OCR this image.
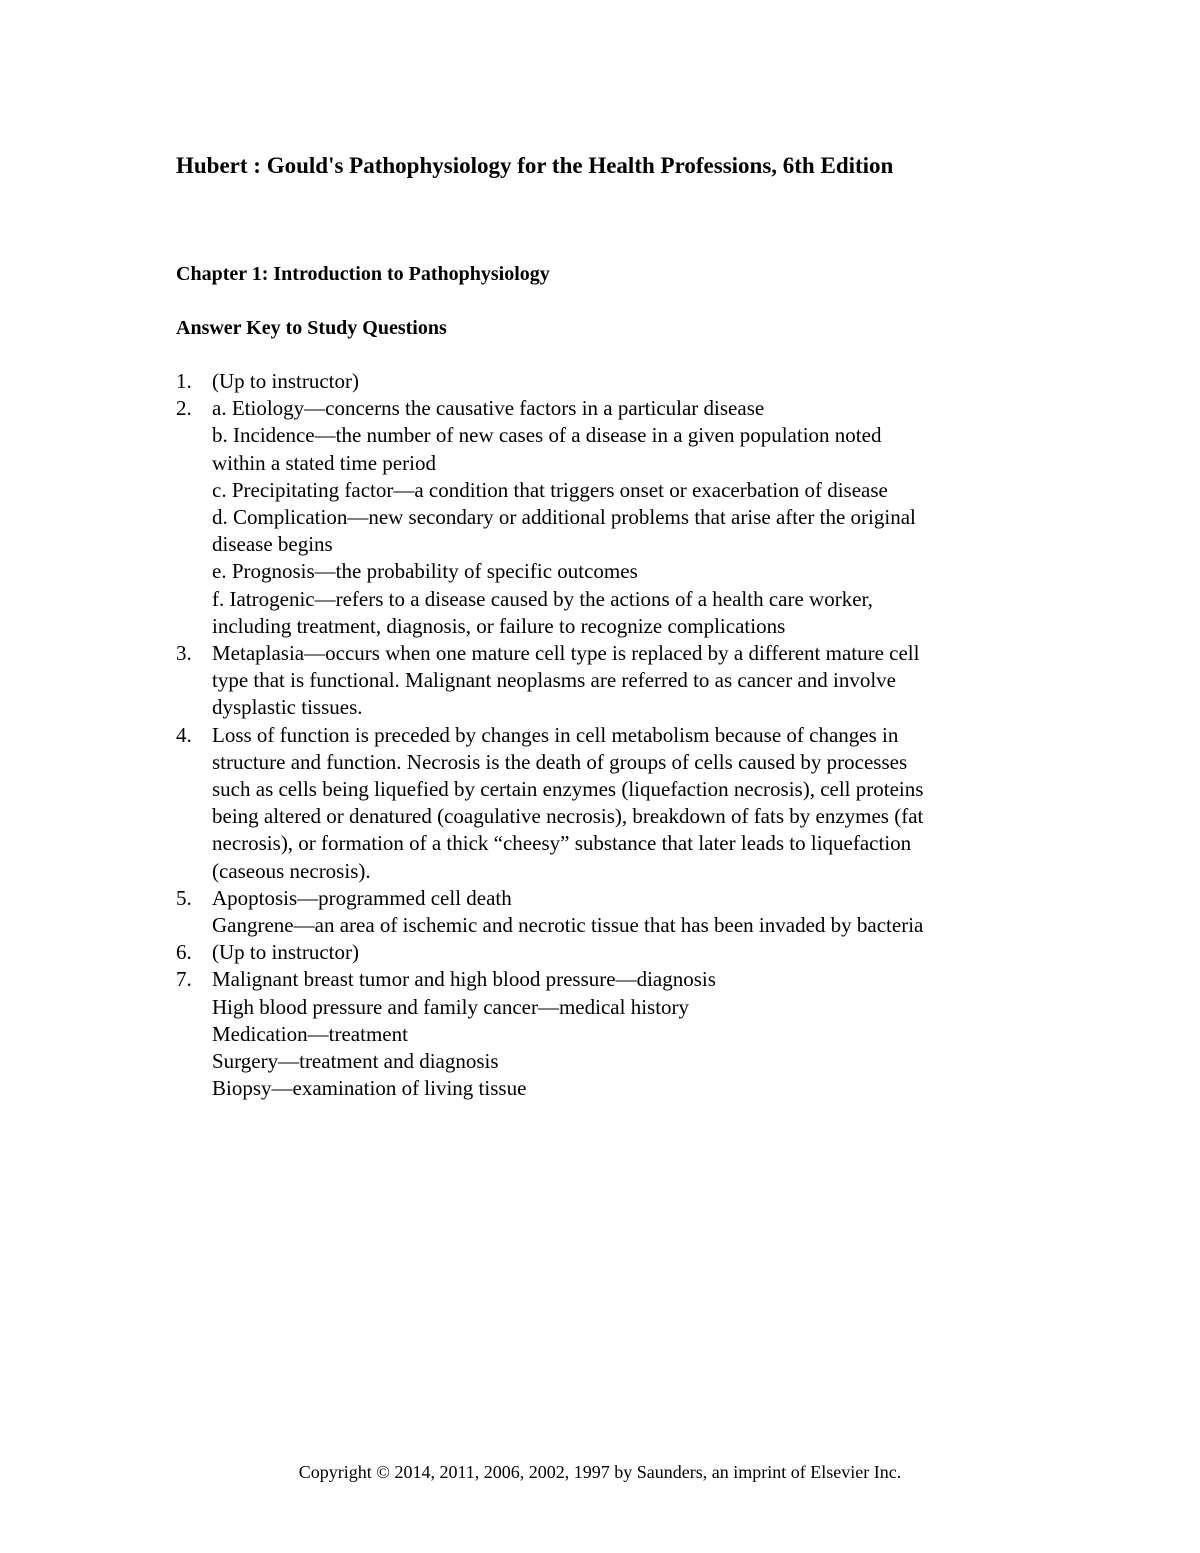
Hubert : Gould's Pathophysiology for the Health Professions, 6th Edition
Chapter 1: Introduction to Pathophysiology
Answer Key to Study Questions
1. (Up to instructor)
2. a. Etiology—concerns the causative factors in a particular disease
b. Incidence—the number of new cases of a disease in a given population noted
within a stated time period
c. Precipitating factor—a condition that triggers onset or exacerbation of disease
d. Complication—new secondary or additional problems that arise after the original
disease begins
e. Prognosis—the probability of specific outcomes
f. Iatrogenic—refers to a disease caused by the actions of a health care worker,
including treatment, diagnosis, or failure to recognize complications
3. Metaplasia—occurs when one mature cell type is replaced by a different mature cell
type that is functional. Malignant neoplasms are referred to as cancer and involve
dysplastic tissues.
4. Loss of function is preceded by changes in cell metabolism because of changes in
structure and function. Necrosis is the death of groups of cells caused by processes
such as cells being liquefied by certain enzymes (liquefaction necrosis), cell proteins
being altered or denatured (coagulative necrosis), breakdown of fats by enzymes (fat
necrosis), or formation of a thick “cheesy” substance that later leads to liquefaction
(caseous necrosis).
5. Apoptosis—programmed cell death
Gangrene—an area of ischemic and necrotic tissue that has been invaded by bacteria
6. (Up to instructor)
7. Malignant breast tumor and high blood pressure—diagnosis
High blood pressure and family cancer—medical history
Medication—treatment
Surgery—treatment and diagnosis
Biopsy—examination of living tissue

Copyright © 2014, 2011, 2006, 2002, 1997 by Saunders, an imprint of Elsevier Inc.
